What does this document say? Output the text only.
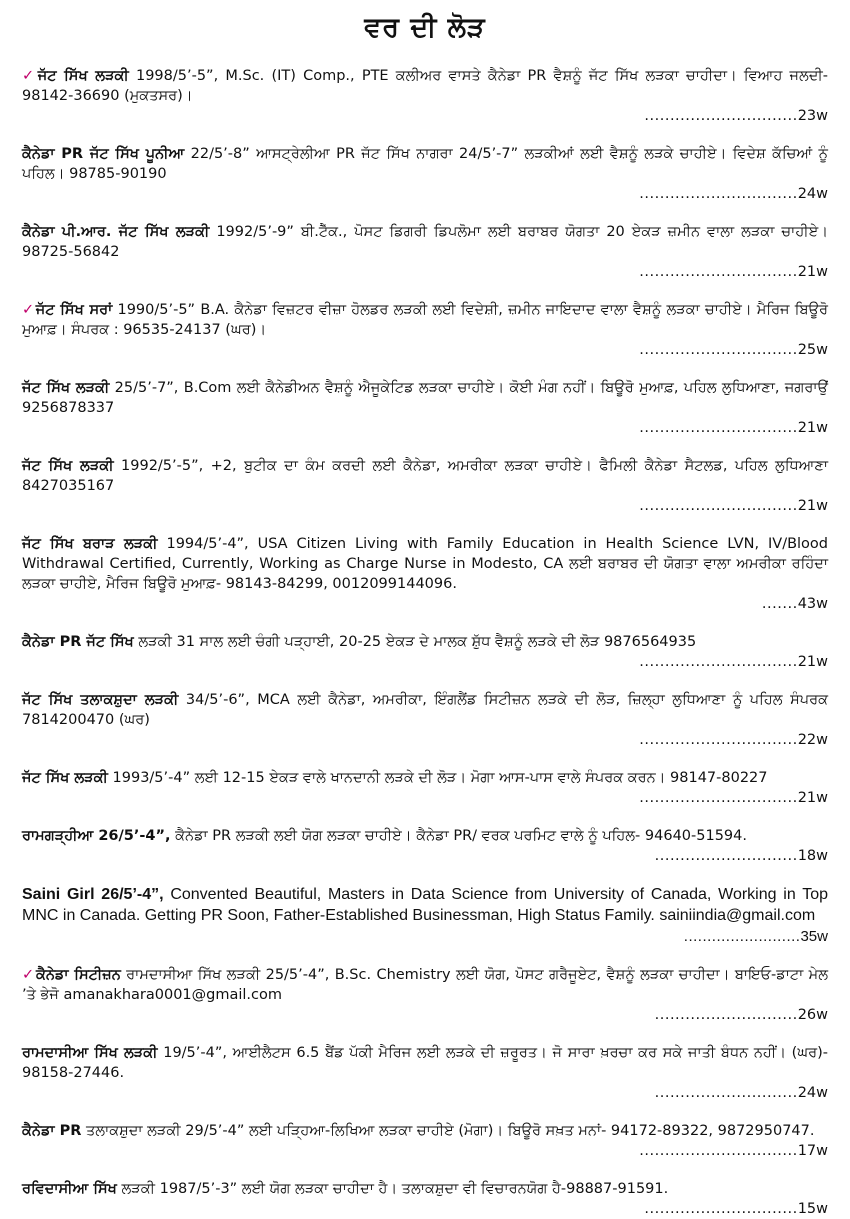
ਵਰ ਦੀ ਲੋੜ
✓ਜੱਟ ਸਿੱਖ ਲੜਕੀ 1998/5’-5”, M.Sc. (IT) Comp., PTE ਕਲੀਅਰ ਵਾਸਤੇ ਕੈਨੇਡਾ PR ਵੈਸ਼ਨੂੰ ਜੱਟ ਸਿੱਖ ਲੜਕਾ ਚਾਹੀਦਾ। ਵਿਆਹ ਜਲਦੀ- 98142-36690 (ਮੁਕਤਸਰ)।
..............................23w
ਕੈਨੇਡਾ PR ਜੱਟ ਸਿੱਖ ਪੂਨੀਆ 22/5’-8” ਆਸਟ੍ਰੇਲੀਆ PR ਜੱਟ ਸਿੱਖ ਨਾਗਰਾ 24/5’-7” ਲੜਕੀਆਂ ਲਈ ਵੈਸ਼ਨੂੰ ਲੜਕੇ ਚਾਹੀਏ। ਵਿਦੇਸ਼ ਕੱਚਿਆਂ ਨੂੰ ਪਹਿਲ। 98785-90190
...............................24w
ਕੈਨੇਡਾ ਪੀ.ਆਰ. ਜੱਟ ਸਿੱਖ ਲੜਕੀ 1992/5’-9” ਬੀ.ਟੈੱਕ., ਪੋਸਟ ਡਿਗਰੀ ਡਿਪਲੋਮਾ ਲਈ ਬਰਾਬਰ ਯੋਗਤਾ 20 ਏਕੜ ਜ਼ਮੀਨ ਵਾਲਾ ਲੜਕਾ ਚਾਹੀਏ। 98725-56842
...............................21w
✓ਜੱਟ ਸਿੱਖ ਸਰਾਂ 1990/5’-5” B.A. ਕੈਨੇਡਾ ਵਿਜ਼ਟਰ ਵੀਜ਼ਾ ਹੋਲਡਰ ਲੜਕੀ ਲਈ ਵਿਦੇਸ਼ੀ, ਜ਼ਮੀਨ ਜਾਇਦਾਦ ਵਾਲਾ ਵੈਸ਼ਨੂੰ ਲੜਕਾ ਚਾਹੀਏ। ਮੈਰਿਜ ਬਿਊਰੋ ਮੁਆਫ਼। ਸੰਪਰਕ : 96535-24137 (ਘਰ)।
...............................25w
ਜੱਟ ਸਿੱਖ ਲੜਕੀ 25/5’-7”, B.Com ਲਈ ਕੈਨੇਡੀਅਨ ਵੈਸ਼ਨੂੰ ਐਜੂਕੇਟਿਡ ਲੜਕਾ ਚਾਹੀਏ। ਕੋਈ ਮੰਗ ਨਹੀਂ। ਬਿਊਰੋ ਮੁਆਫ਼, ਪਹਿਲ ਲੁਧਿਆਣਾ, ਜਗਰਾਉਂ 9256878337
...............................21w
ਜੱਟ ਸਿੱਖ ਲੜਕੀ 1992/5’-5”, +2, ਬੁਟੀਕ ਦਾ ਕੰਮ ਕਰਦੀ ਲਈ ਕੈਨੇਡਾ, ਅਮਰੀਕਾ ਲੜਕਾ ਚਾਹੀਏ। ਫੈਮਿਲੀ ਕੈਨੇਡਾ ਸੈਟਲਡ, ਪਹਿਲ ਲੁਧਿਆਣਾ 8427035167
...............................21w
ਜੱਟ ਸਿੱਖ ਬਰਾੜ ਲੜਕੀ 1994/5’-4”, USA Citizen Living with Family Education in Health Science LVN, IV/Blood Withdrawal Certified, Currently, Working as Charge Nurse in Modesto, CA ਲਈ ਬਰਾਬਰ ਦੀ ਯੋਗਤਾ ਵਾਲਾ ਅਮਰੀਕਾ ਰਹਿੰਦਾ ਲੜਕਾ ਚਾਹੀਏ, ਮੈਰਿਜ ਬਿਊਰੋ ਮੁਆਫ਼- 98143-84299, 0012099144096.
.......43w
ਕੈਨੇਡਾ PR ਜੱਟ ਸਿੱਖ ਲੜਕੀ 31 ਸਾਲ ਲਈ ਚੰਗੀ ਪੜ੍ਹਾਈ, 20-25 ਏਕੜ ਦੇ ਮਾਲਕ ਸ਼ੁੱਧ ਵੈਸ਼ਨੂੰ ਲੜਕੇ ਦੀ ਲੋੜ 9876564935
...............................21w
ਜੱਟ ਸਿੱਖ ਤਲਾਕਸ਼ੁਦਾ ਲੜਕੀ 34/5’-6”, MCA ਲਈ ਕੈਨੇਡਾ, ਅਮਰੀਕਾ, ਇੰਗਲੈਂਡ ਸਿਟੀਜ਼ਨ ਲੜਕੇ ਦੀ ਲੋੜ, ਜ਼ਿਲ੍ਹਾ ਲੁਧਿਆਣਾ ਨੂੰ ਪਹਿਲ ਸੰਪਰਕ 7814200470 (ਘਰ)
...............................22w
ਜੱਟ ਸਿੱਖ ਲੜਕੀ 1993/5’-4” ਲਈ 12-15 ਏਕੜ ਵਾਲੇ ਖਾਨਦਾਨੀ ਲੜਕੇ ਦੀ ਲੋੜ। ਮੋਗਾ ਆਸ-ਪਾਸ ਵਾਲੇ ਸੰਪਰਕ ਕਰਨ। 98147-80227
...............................21w
ਰਾਮਗੜ੍ਹੀਆ 26/5’-4”, ਕੈਨੇਡਾ PR ਲੜਕੀ ਲਈ ਯੋਗ ਲੜਕਾ ਚਾਹੀਏ। ਕੈਨੇਡਾ PR/ ਵਰਕ ਪਰਮਿਟ ਵਾਲੇ ਨੂੰ ਪਹਿਲ- 94640-51594.
............................18w
Saini Girl 26/5’-4”, Convented Beautiful, Masters in Data Science from University of Canada, Working in Top MNC in Canada. Getting PR Soon, Father-Established Businessman, High Status Family. sainiindia@gmail.com
.........................35w
✓ਕੈਨੇਡਾ ਸਿਟੀਜ਼ਨ ਰਾਮਦਾਸੀਆ ਸਿੱਖ ਲੜਕੀ 25/5’-4”, B.Sc. Chemistry ਲਈ ਯੋਗ, ਪੋਸਟ ਗਰੈਜੂਏਟ, ਵੈਸ਼ਨੂੰ ਲੜਕਾ ਚਾਹੀਦਾ। ਬਾਇਓ-ਡਾਟਾ ਮੇਲ ’ਤੇ ਭੇਜੋ amanakhara0001@gmail.com
............................26w
ਰਾਮਦਾਸੀਆ ਸਿੱਖ ਲੜਕੀ 19/5’-4”, ਆਈਲੈਟਸ 6.5 ਬੈਂਡ ਪੱਕੀ ਮੈਰਿਜ ਲਈ ਲੜਕੇ ਦੀ ਜ਼ਰੂਰਤ। ਜੋ ਸਾਰਾ ਖ਼ਰਚਾ ਕਰ ਸਕੇ ਜਾਤੀ ਬੰਧਨ ਨਹੀਂ। (ਘਰ)- 98158-27446.
............................24w
ਕੈਨੇਡਾ PR ਤਲਾਕਸ਼ੁਦਾ ਲੜਕੀ 29/5’-4” ਲਈ ਪੜ੍ਹਿਆ-ਲਿਖਿਆ ਲੜਕਾ ਚਾਹੀਏ (ਮੋਗਾ)। ਬਿਊਰੋ ਸਖ਼ਤ ਮਨਾਂ- 94172-89322, 9872950747.
...............................17w
ਰਵਿਦਾਸੀਆ ਸਿੱਖ ਲੜਕੀ 1987/5’-3” ਲਈ ਯੋਗ ਲੜਕਾ ਚਾਹੀਦਾ ਹੈ। ਤਲਾਕਸ਼ੁਦਾ ਵੀ ਵਿਚਾਰਨਯੋਗ ਹੈ-98887-91591.
..............................15w
